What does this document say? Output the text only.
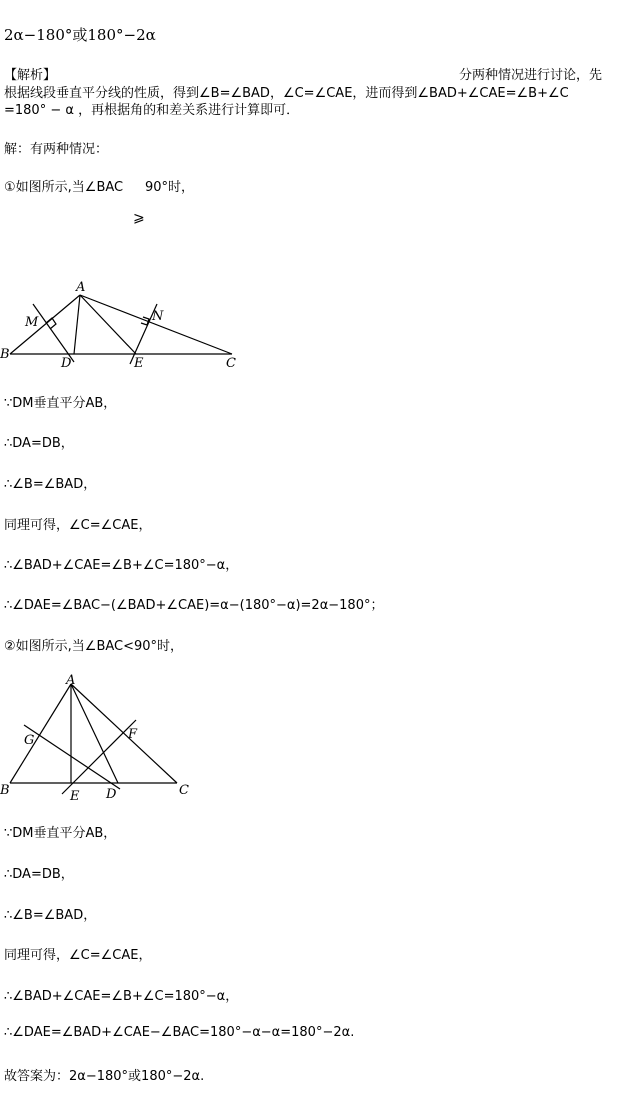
2α−180°或180°−2α
【解析】	分两种情况进行讨论，先
根据线段垂直平分线的性质，得到∠B=∠BAD，∠C=∠CAE，进而得到∠BAD+∠CAE=∠B+∠C
=180° − α ，再根据角的和差关系进行计算即可．
解：有两种情况：
①如图所示,当∠BAC 90°时，
⩾
A
B
C
D	E
M	N
∵DM垂直平分AB，
∴DA=DB，
∴∠B=∠BAD，
同理可得，∠C=∠CAE，
∴∠BAD+∠CAE=∠B+∠C=180°−α，
∴∠DAE=∠BAC−(∠BAD+∠CAE)=α−(180°−α)=2α−180°；
②如图所示,当∠BAC<90°时，
A
B	C
D
E
F
G
∵DM垂直平分AB，
∴DA=DB，
∴∠B=∠BAD，
同理可得，∠C=∠CAE，
∴∠BAD+∠CAE=∠B+∠C=180°−α，
∴∠DAE=∠BAD+∠CAE−∠BAC=180°−α−α=180°−2α.
故答案为：2α−180°或180°−2α.
